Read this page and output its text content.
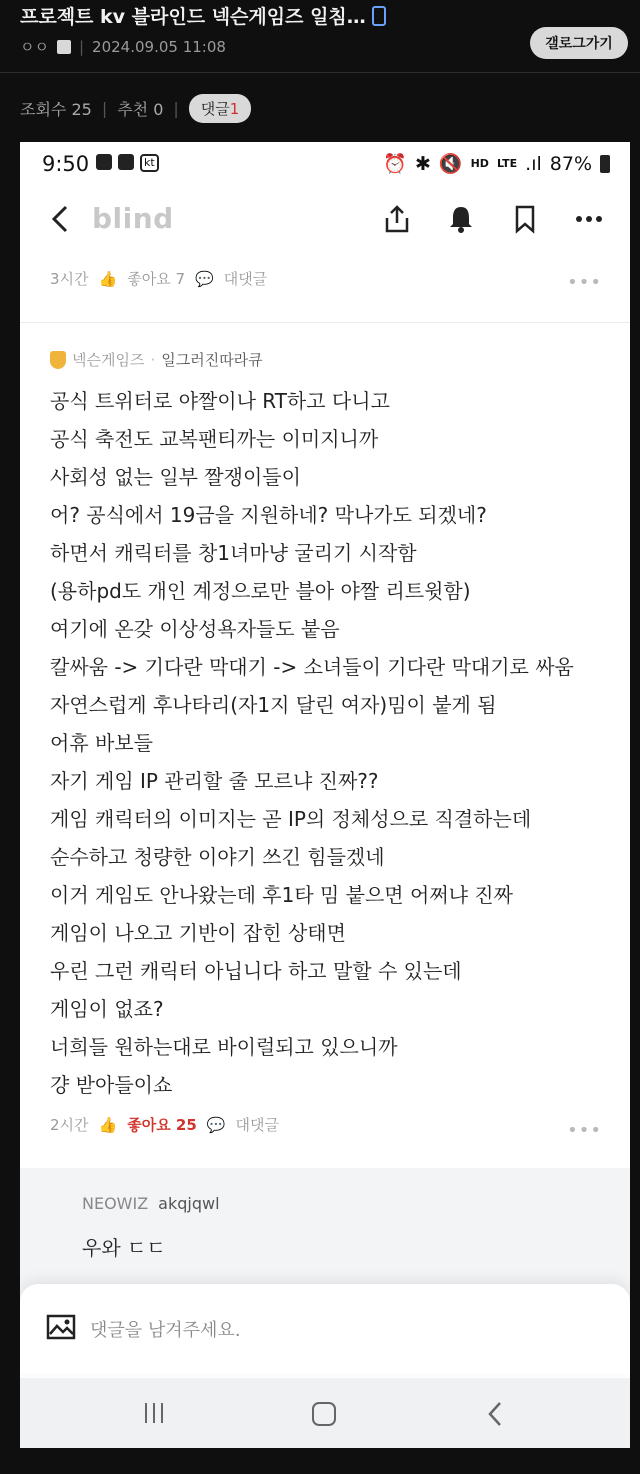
프로젝트 kv 블라인드 넥슨게임즈 일침…
ㅇㅇ | 2024.09.05 11:08	갤로그가기
조회수 25 | 추천 0 |	댓글1
9:50	kt	⏰ ✱ 🔇 HD LTE .ıl 87%
blind
3시간 👍 좋아요 7 💬 대댓글	•••
넥슨게임즈 · 일그러진따라큐
공식 트위터로 야짤이나 RT하고 다니고
공식 축전도 교복팬티까는 이미지니까
사회성 없는 일부 짤쟁이들이
어? 공식에서 19금을 지원하네? 막나가도 되겠네?
하면서 캐릭터를 창1녀마냥 굴리기 시작함
(용하pd도 개인 계정으로만 블아 야짤 리트윗함)
여기에 온갖 이상성욕자들도 붙음
칼싸움 -> 기다란 막대기 -> 소녀들이 기다란 막대기로 싸움
자연스럽게 후나타리(자1지 달린 여자)밈이 붙게 됨
어휴 바보들
자기 게임 IP 관리할 줄 모르냐 진짜??
게임 캐릭터의 이미지는 곧 IP의 정체성으로 직결하는데
순수하고 청량한 이야기 쓰긴 힘들겠네
이거 게임도 안나왔는데 후1타 밈 붙으면 어쩌냐 진짜
게임이 나오고 기반이 잡힌 상태면
우린 그런 캐릭터 아닙니다 하고 말할 수 있는데
게임이 없죠?
너희들 원하는대로 바이럴되고 있으니까
걍 받아들이쇼
2시간 👍 좋아요 25 💬 대댓글	•••
NEOWIZ akqjqwl
우와 ㄷㄷ
댓글을 남겨주세요.
